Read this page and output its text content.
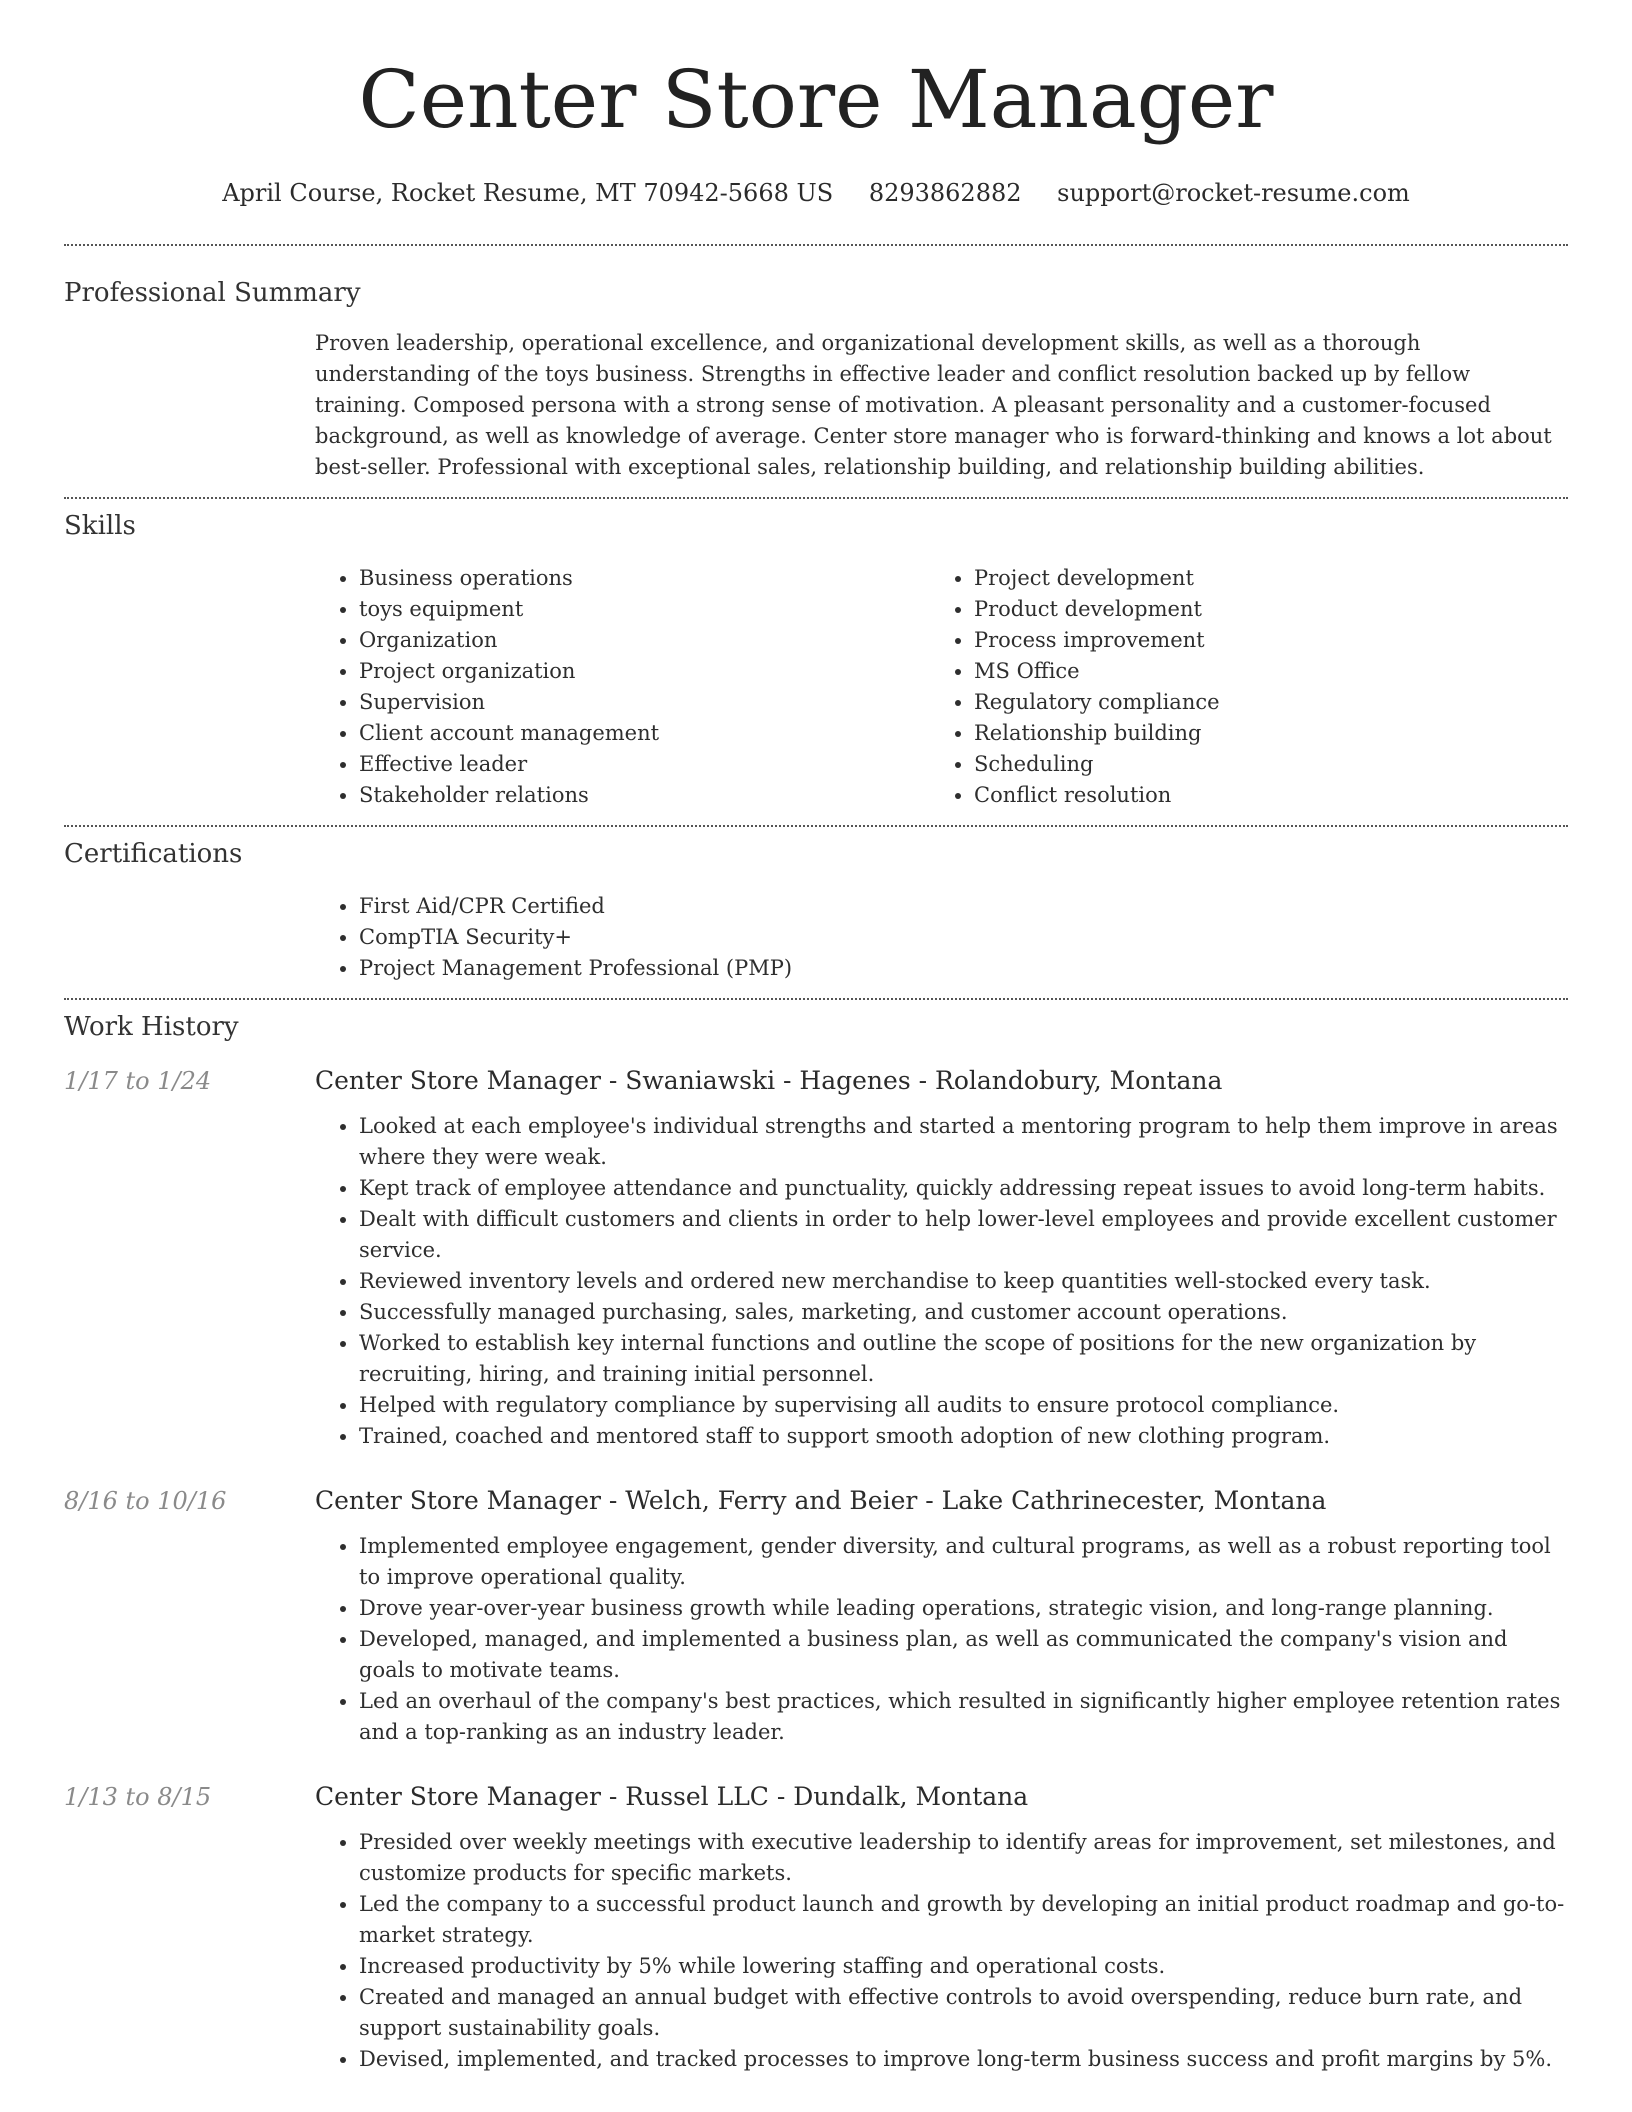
Center Store Manager
April Course, Rocket Resume, MT 70942-5668 US 8293862882 support@rocket-resume.com
Professional Summary

Proven leadership, operational excellence, and organizational development skills, as well as a thorough understanding of the toys business. Strengths in effective leader and conflict resolution backed up by fellow training. Composed persona with a strong sense of motivation. A pleasant personality and a customer-focused background, as well as knowledge of average. Center store manager who is forward-thinking and knows a lot about best-seller. Professional with exceptional sales, relationship building, and relationship building abilities.

Skills
• Business operations
• toys equipment
• Organization
• Project organization
• Supervision
• Client account management
• Effective leader
• Stakeholder relations
• Project development
• Product development
• Process improvement
• MS Office
• Regulatory compliance
• Relationship building
• Scheduling
• Conflict resolution
Certifications
• First Aid/CPR Certified
• CompTIA Security+
• Project Management Professional (PMP)
Work History
1/17 to 1/24	Center Store Manager - Swaniawski - Hagenes - Rolandobury, Montana
• Looked at each employee's individual strengths and started a mentoring program to help them improve in areas where they were weak.
• Kept track of employee attendance and punctuality, quickly addressing repeat issues to avoid long-term habits.
• Dealt with difficult customers and clients in order to help lower-level employees and provide excellent customer service.
• Reviewed inventory levels and ordered new merchandise to keep quantities well-stocked every task.
• Successfully managed purchasing, sales, marketing, and customer account operations.
• Worked to establish key internal functions and outline the scope of positions for the new organization by recruiting, hiring, and training initial personnel.
• Helped with regulatory compliance by supervising all audits to ensure protocol compliance.
• Trained, coached and mentored staff to support smooth adoption of new clothing program.
8/16 to 10/16	Center Store Manager - Welch, Ferry and Beier - Lake Cathrinecester, Montana
• Implemented employee engagement, gender diversity, and cultural programs, as well as a robust reporting tool to improve operational quality.
• Drove year-over-year business growth while leading operations, strategic vision, and long-range planning.
• Developed, managed, and implemented a business plan, as well as communicated the company's vision and goals to motivate teams.
• Led an overhaul of the company's best practices, which resulted in significantly higher employee retention rates and a top-ranking as an industry leader.
1/13 to 8/15	Center Store Manager - Russel LLC - Dundalk, Montana
• Presided over weekly meetings with executive leadership to identify areas for improvement, set milestones, and customize products for specific markets.
• Led the company to a successful product launch and growth by developing an initial product roadmap and go-to-market strategy.
• Increased productivity by 5% while lowering staffing and operational costs.
• Created and managed an annual budget with effective controls to avoid overspending, reduce burn rate, and support sustainability goals.
• Devised, implemented, and tracked processes to improve long-term business success and profit margins by 5%.
